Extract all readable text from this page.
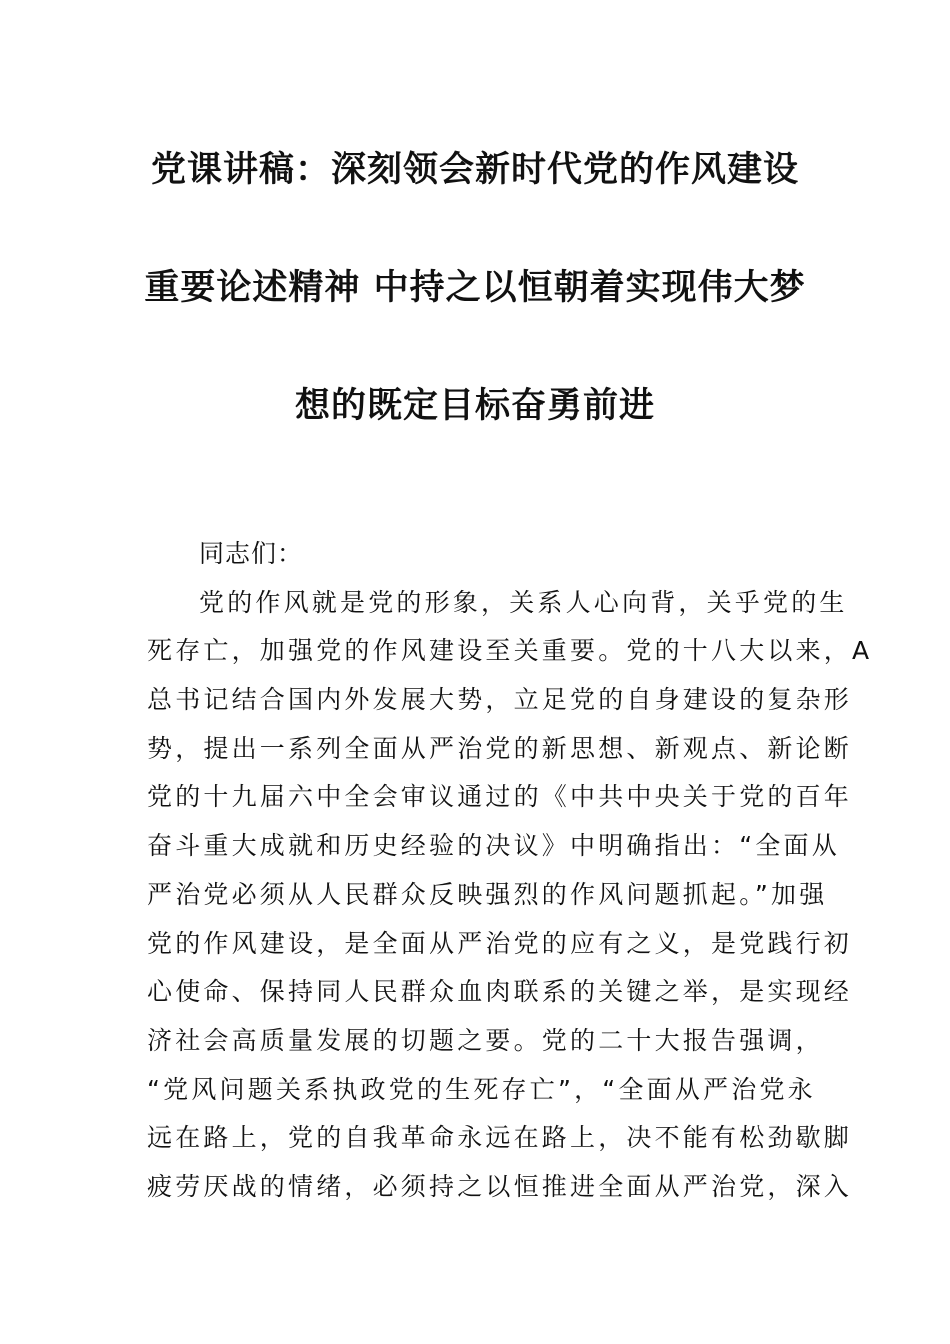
党课讲稿：深刻领会新时代党的作风建设
重要论述精神 中持之以恒朝着实现伟大梦
想的既定目标奋勇前进
同志们：
党的作风就是党的形象，关系人心向背，关乎党的生
死存亡，加强党的作风建设至关重要。党的十八大以来，A
总书记结合国内外发展大势，立足党的自身建设的复杂形
势，提出一系列全面从严治党的新思想、新观点、新论断
党的十九届六中全会审议通过的《中共中央关于党的百年
奋斗重大成就和历史经验的决议》中明确指出：“全面从
严治党必须从人民群众反映强烈的作风问题抓起。”加强
党的作风建设，是全面从严治党的应有之义，是党践行初
心使命、保持同人民群众血肉联系的关键之举，是实现经
济社会高质量发展的切题之要。党的二十大报告强调，
“党风问题关系执政党的生死存亡”，“全面从严治党永
远在路上，党的自我革命永远在路上，决不能有松劲歇脚
疲劳厌战的情绪，必须持之以恒推进全面从严治党，深入
